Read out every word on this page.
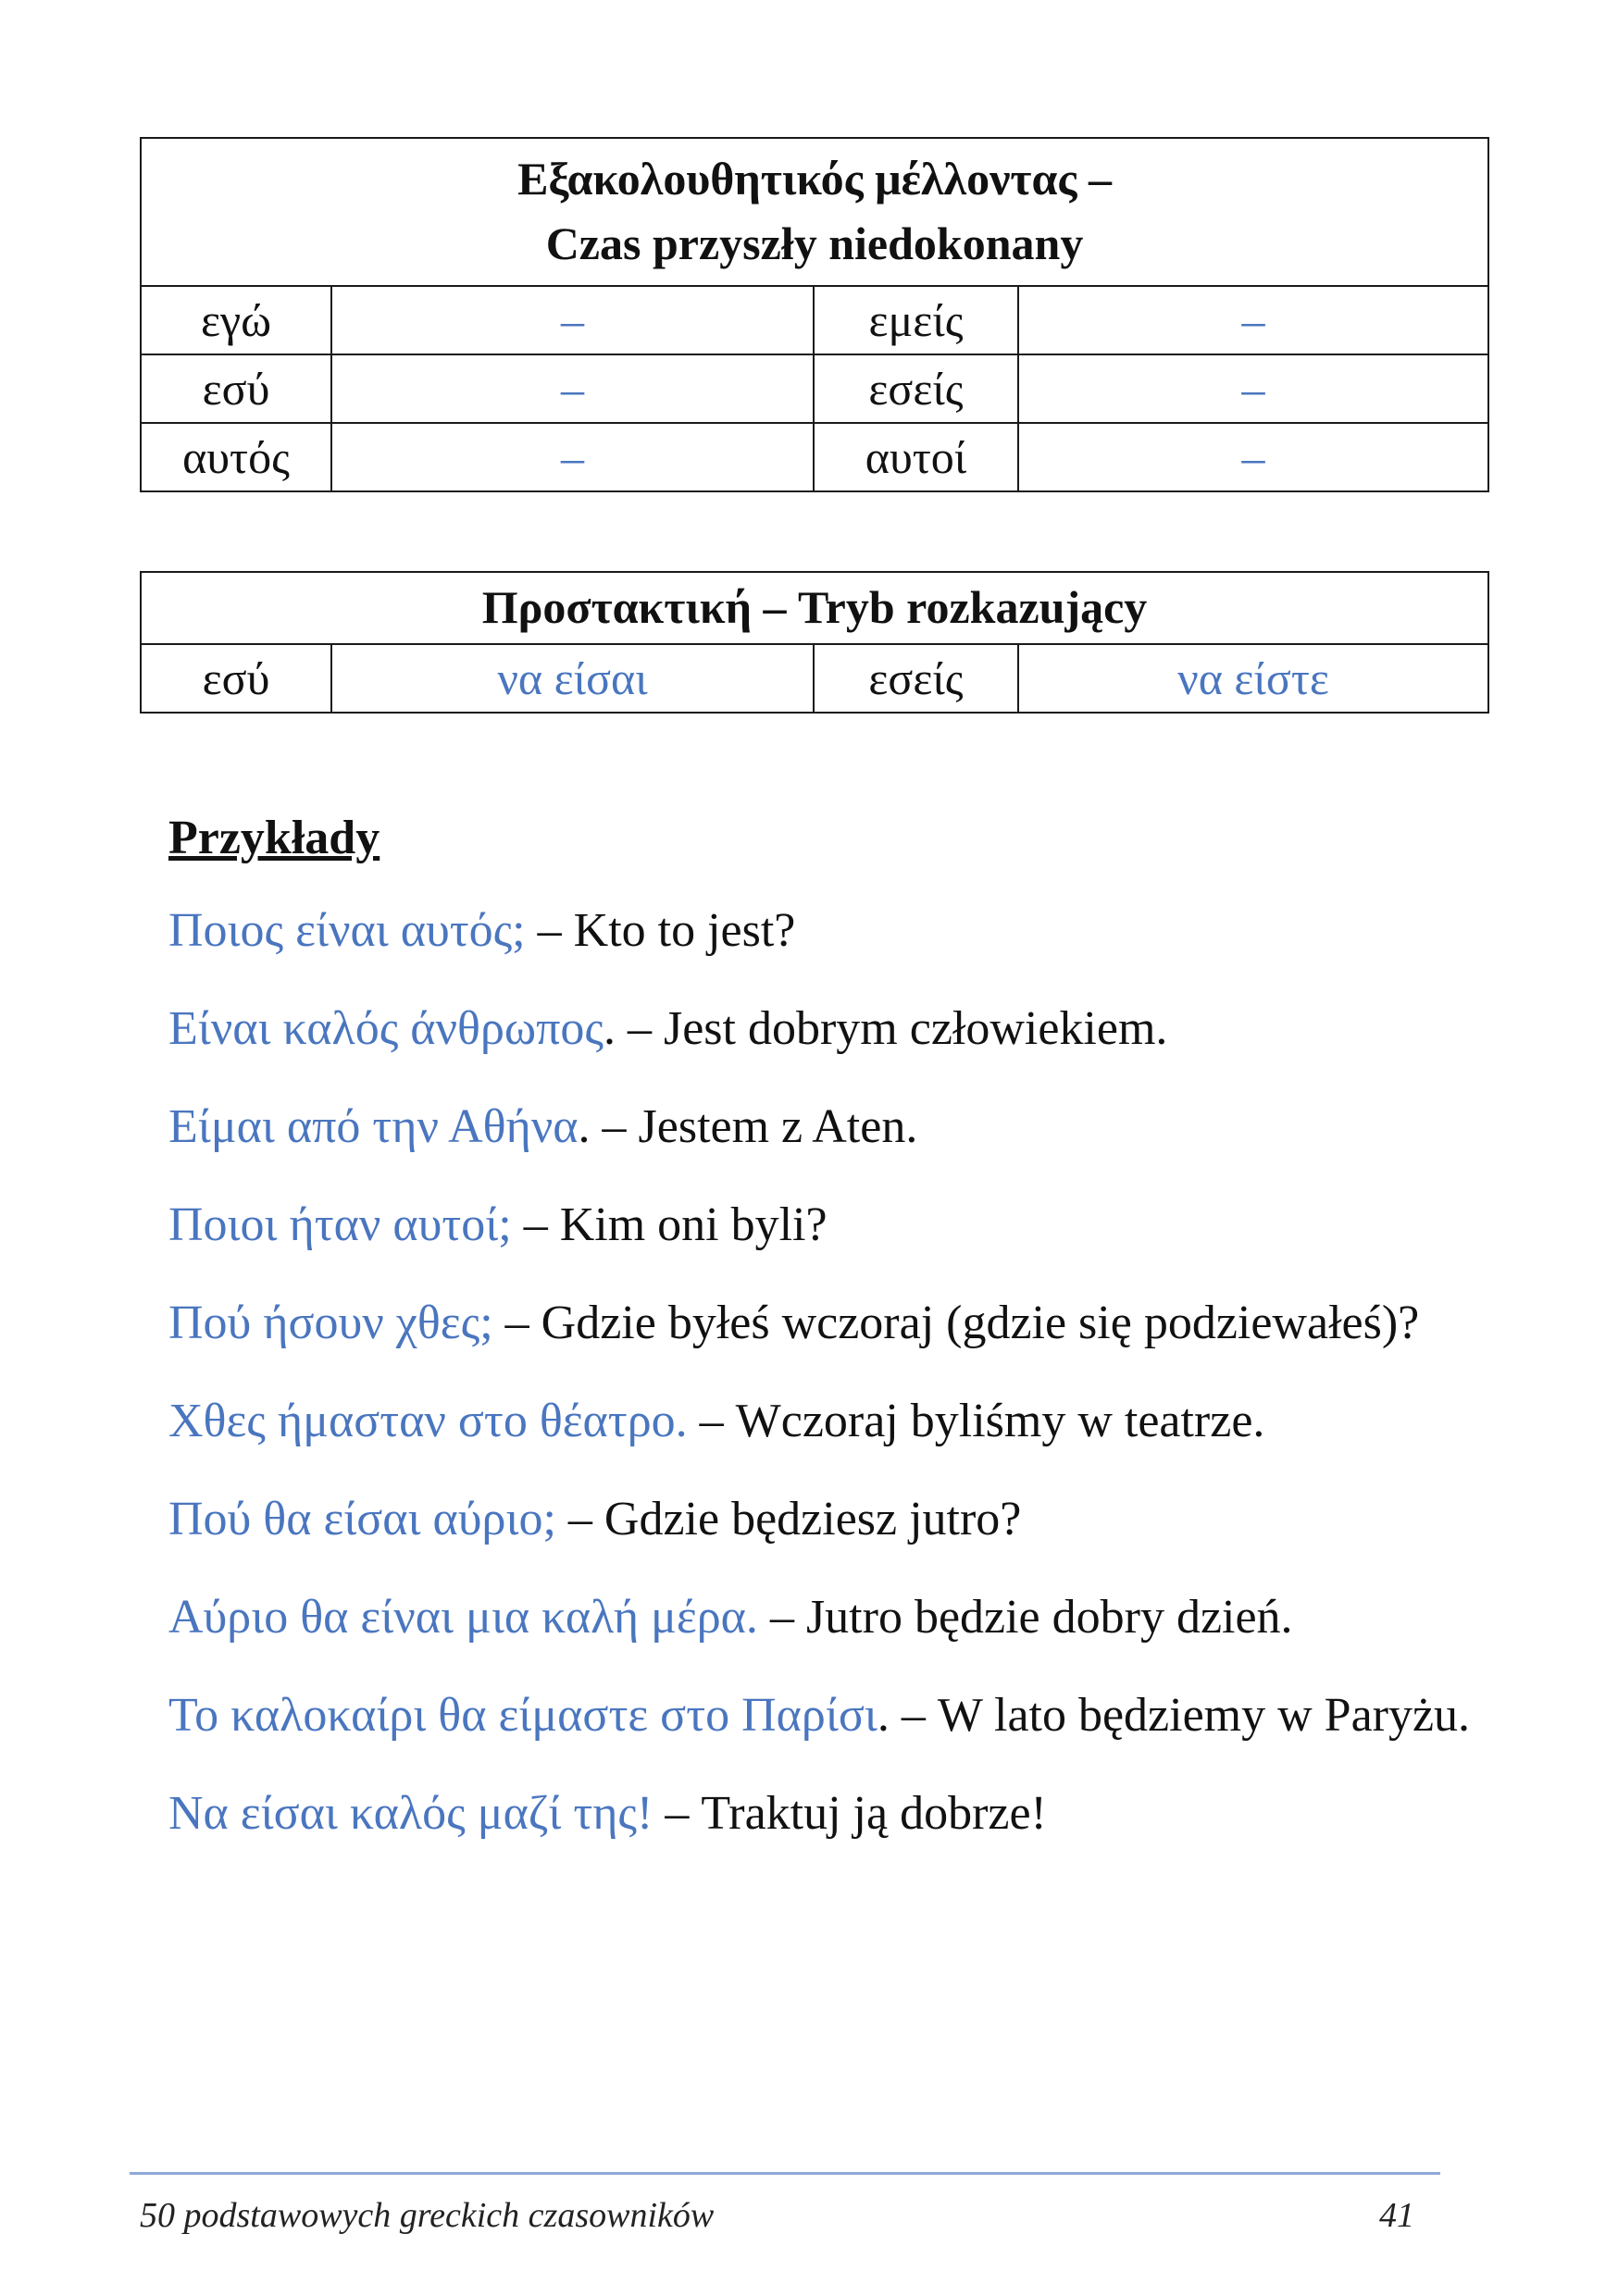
Εξακολουθητικός μέλλοντας –
Czas przyszły niedokonany			
εγώ	–	εμείς	–
εσύ	–	εσείς	–
αυτός	–	αυτοί	–
Προστακτική – Tryb rozkazujący
εσύ	να είσαι	εσείς	να είστε
Przykłady
Ποιος είναι αυτός; – Kto to jest?
Είναι καλός άνθρωπος. – Jest dobrym człowiekiem.
Είμαι από την Αθήνα. – Jestem z Aten.
Ποιοι ήταν αυτοί; – Kim oni byli?
Πού ήσουν χθες; – Gdzie byłeś wczoraj (gdzie się podziewałeś)?
Χθες ήμασταν στο θέατρο. – Wczoraj byliśmy w teatrze.
Πού θα είσαι αύριο; – Gdzie będziesz jutro?
Αύριο θα είναι μια καλή μέρα. – Jutro będzie dobry dzień.
Το καλοκαίρι θα είμαστε στο Παρίσι. – W lato będziemy w Paryżu.
Να είσαι καλός μαζί της! – Traktuj ją dobrze!
50 podstawowych greckich czasowników	41
